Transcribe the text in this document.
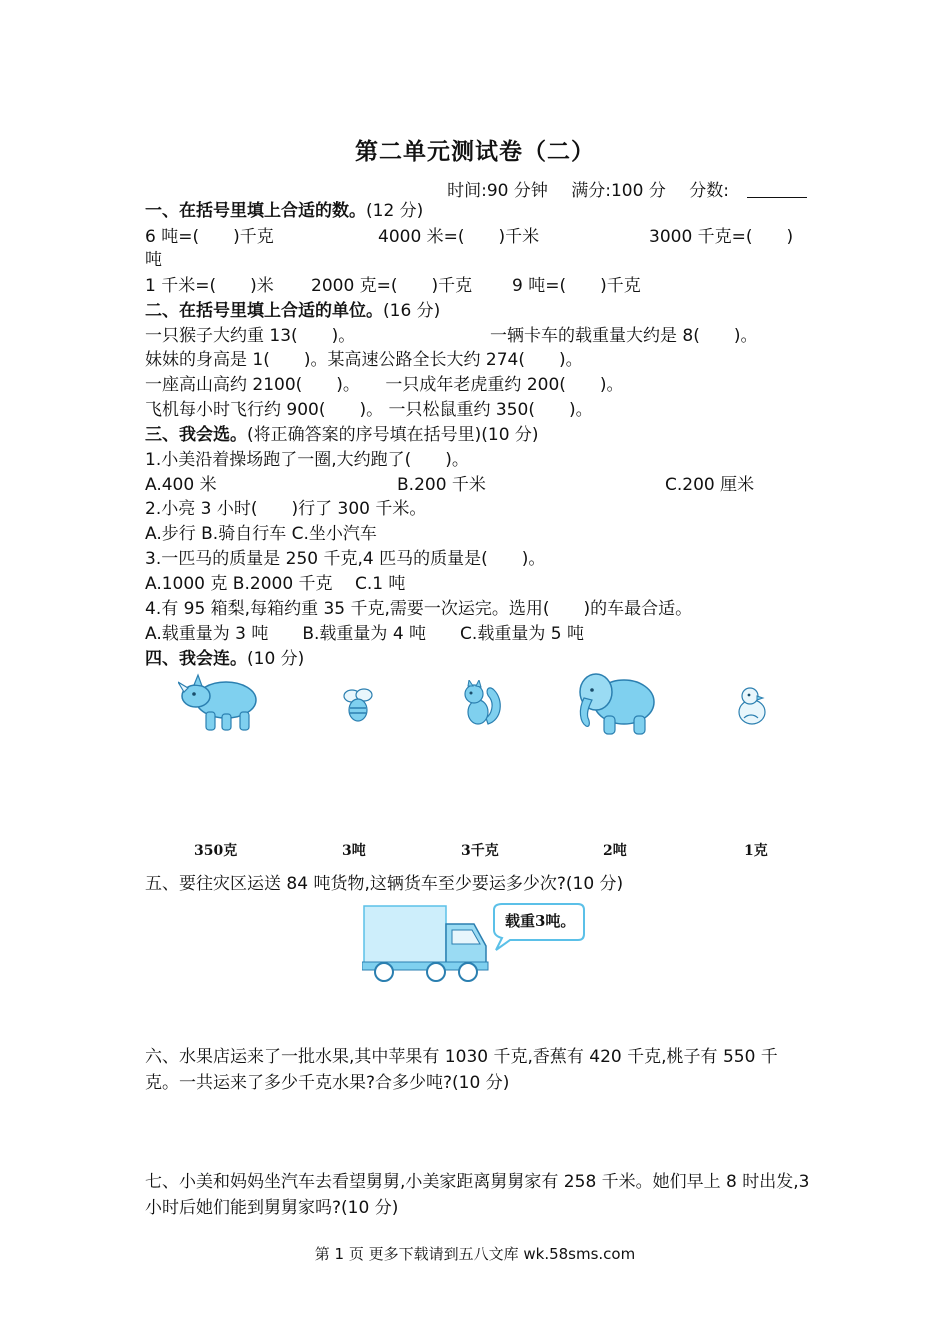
第二单元测试卷（二）
时间:90 分钟 满分:100 分 分数:
一、在括号里填上合适的数。(12 分)
6 吨=(　　)千克	4000 米=(　　)千米	3000 千克=(　　)
吨
1 千米=(　　)米 2000 克=(　　)千克 9 吨=(　　)千克
二、在括号里填上合适的单位。(16 分)
一只猴子大约重 13(　　)。	一辆卡车的载重量大约是 8(　　)。
妹妹的身高是 1(　　)。某高速公路全长大约 274(　　)。
一座高山高约 2100(　　)。　　一只成年老虎重约 200(　　)。
飞机每小时飞行约 900(　　)。 一只松鼠重约 350(　　)。
三、我会选。(将正确答案的序号填在括号里)(10 分)
1.小美沿着操场跑了一圈,大约跑了(　　)。
A.400 米	B.200 千米	C.200 厘米
2.小亮 3 小时(　　)行了 300 千米。
A.步行 B.骑自行车 C.坐小汽车
3.一匹马的质量是 250 千克,4 匹马的质量是(　　)。
A.1000 克 B.2000 千克　 C.1 吨
4.有 95 箱梨,每箱约重 35 千克,需要一次运完。选用(　　)的车最合适。
A.载重量为 3 吨　　B.载重量为 4 吨　　C.载重量为 5 吨
四、我会连。(10 分)
350克	3吨	3千克	2吨	1克
五、要往灾区运送 84 吨货物,这辆货车至少要运多少次?(10 分)
载重3吨。
六、水果店运来了一批水果,其中苹果有 1030 千克,香蕉有 420 千克,桃子有 550 千克。一共运来了多少千克水果?合多少吨?(10 分)
七、小美和妈妈坐汽车去看望舅舅,小美家距离舅舅家有 258 千米。她们早上 8 时出发,3 小时后她们能到舅舅家吗?(10 分)
第 1 页 更多下载请到五八文库 wk.58sms.com
